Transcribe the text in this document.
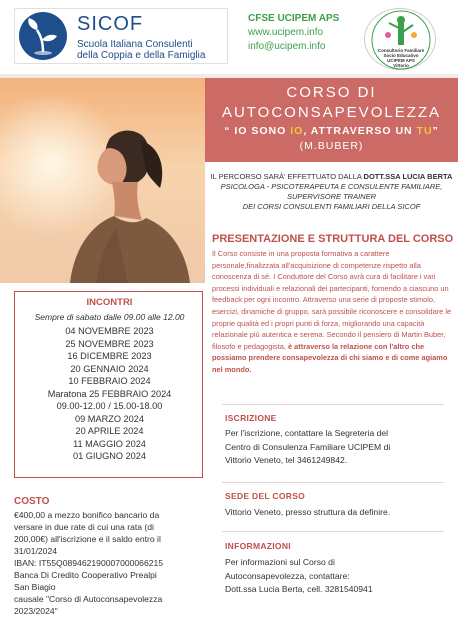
SICOF
Scuola Italiana Consulenti
della Coppia e della Famiglia
CFSE UCIPEM APS
www.ucipem.info
info@ucipem.info	Consultorio Familiare
Socio Educativo
UCIPEM APS
Vittorio
CORSO DI
AUTOCONSAPEVOLEZZA
“ IO SONO IO, ATTRAVERSO UN TU”
(M.BUBER)
IL PERCORSO SARÀ' EFFETTUATO DALLA DOTT.SSA LUCIA BERTA
PSICOLOGA - PSICOTERAPEUTA E CONSULENTE FAMILIARE,
SUPERVISORE TRAINER
DEI CORSI CONSULENTI FAMILIARI DELLA SICOF
PRESENTAZIONE E STRUTTURA DEL CORSO
Il Corso consiste in una proposta formativa a carattere personale,finalizzata all'acquisizione di competenze rispetto alla conoscenza di sé. I Conduttore del Corso avrà cura di facilitare i vari processi individuali e relazionali dei partecipanti, fornendo a ciascuno un feedback per ogni incontro. Attraverso una serie di proposte stimolo, esercizi, dinamiche di gruppo, sarà possibile riconoscere e consolidare le proprie qualità ed i propri punti di forza, migliorando una capacità relazionale più autentica e serena. Secondo il pensiero di Martin Buber, filosofo e pedagogista, è attraverso la relazione con l'altro che possiamo prendere consapevolezza di chi siamo e di come agiamo nel mondo.
INCONTRI
Sempre di sabato dalle 09.00 alle 12.00
04 NOVEMBRE 2023
25 NOVEMBRE 2023
16 DICEMBRE 2023
20 GENNAIO 2024
10 FEBBRAIO 2024
Maratona 25 FEBBRAIO 2024
09.00-12.00 / 15.00-18.00
09 MARZO 2024
20 APRILE 2024
11 MAGGIO 2024
01 GIUGNO 2024
COSTO
€400,00 a mezzo bonifico bancario da
versare in due rate di cui una rata (di
200,00€) all'iscrizione e il saldo entro il
31/01/2024
IBAN: IT55Q0894621900070000662​15
Banca Di Credito Cooperativo Prealpi
San Biagio
causale "Corso di Autoconsapevolezza
2023/2024"
ISCRIZIONE
Per l'iscrizione, contattare la Segreteria del
Centro di Consulenza Familiare UCIPEM di
Vittorio Veneto, tel 3461249842.
SEDE DEL CORSO
Vittorio Veneto, presso struttura da definire.
INFORMAZIONI
Per informazioni sul Corso di
Autoconsapevolezza, contattare:
Dott.ssa Lucia Berta, cell. 3281540941
